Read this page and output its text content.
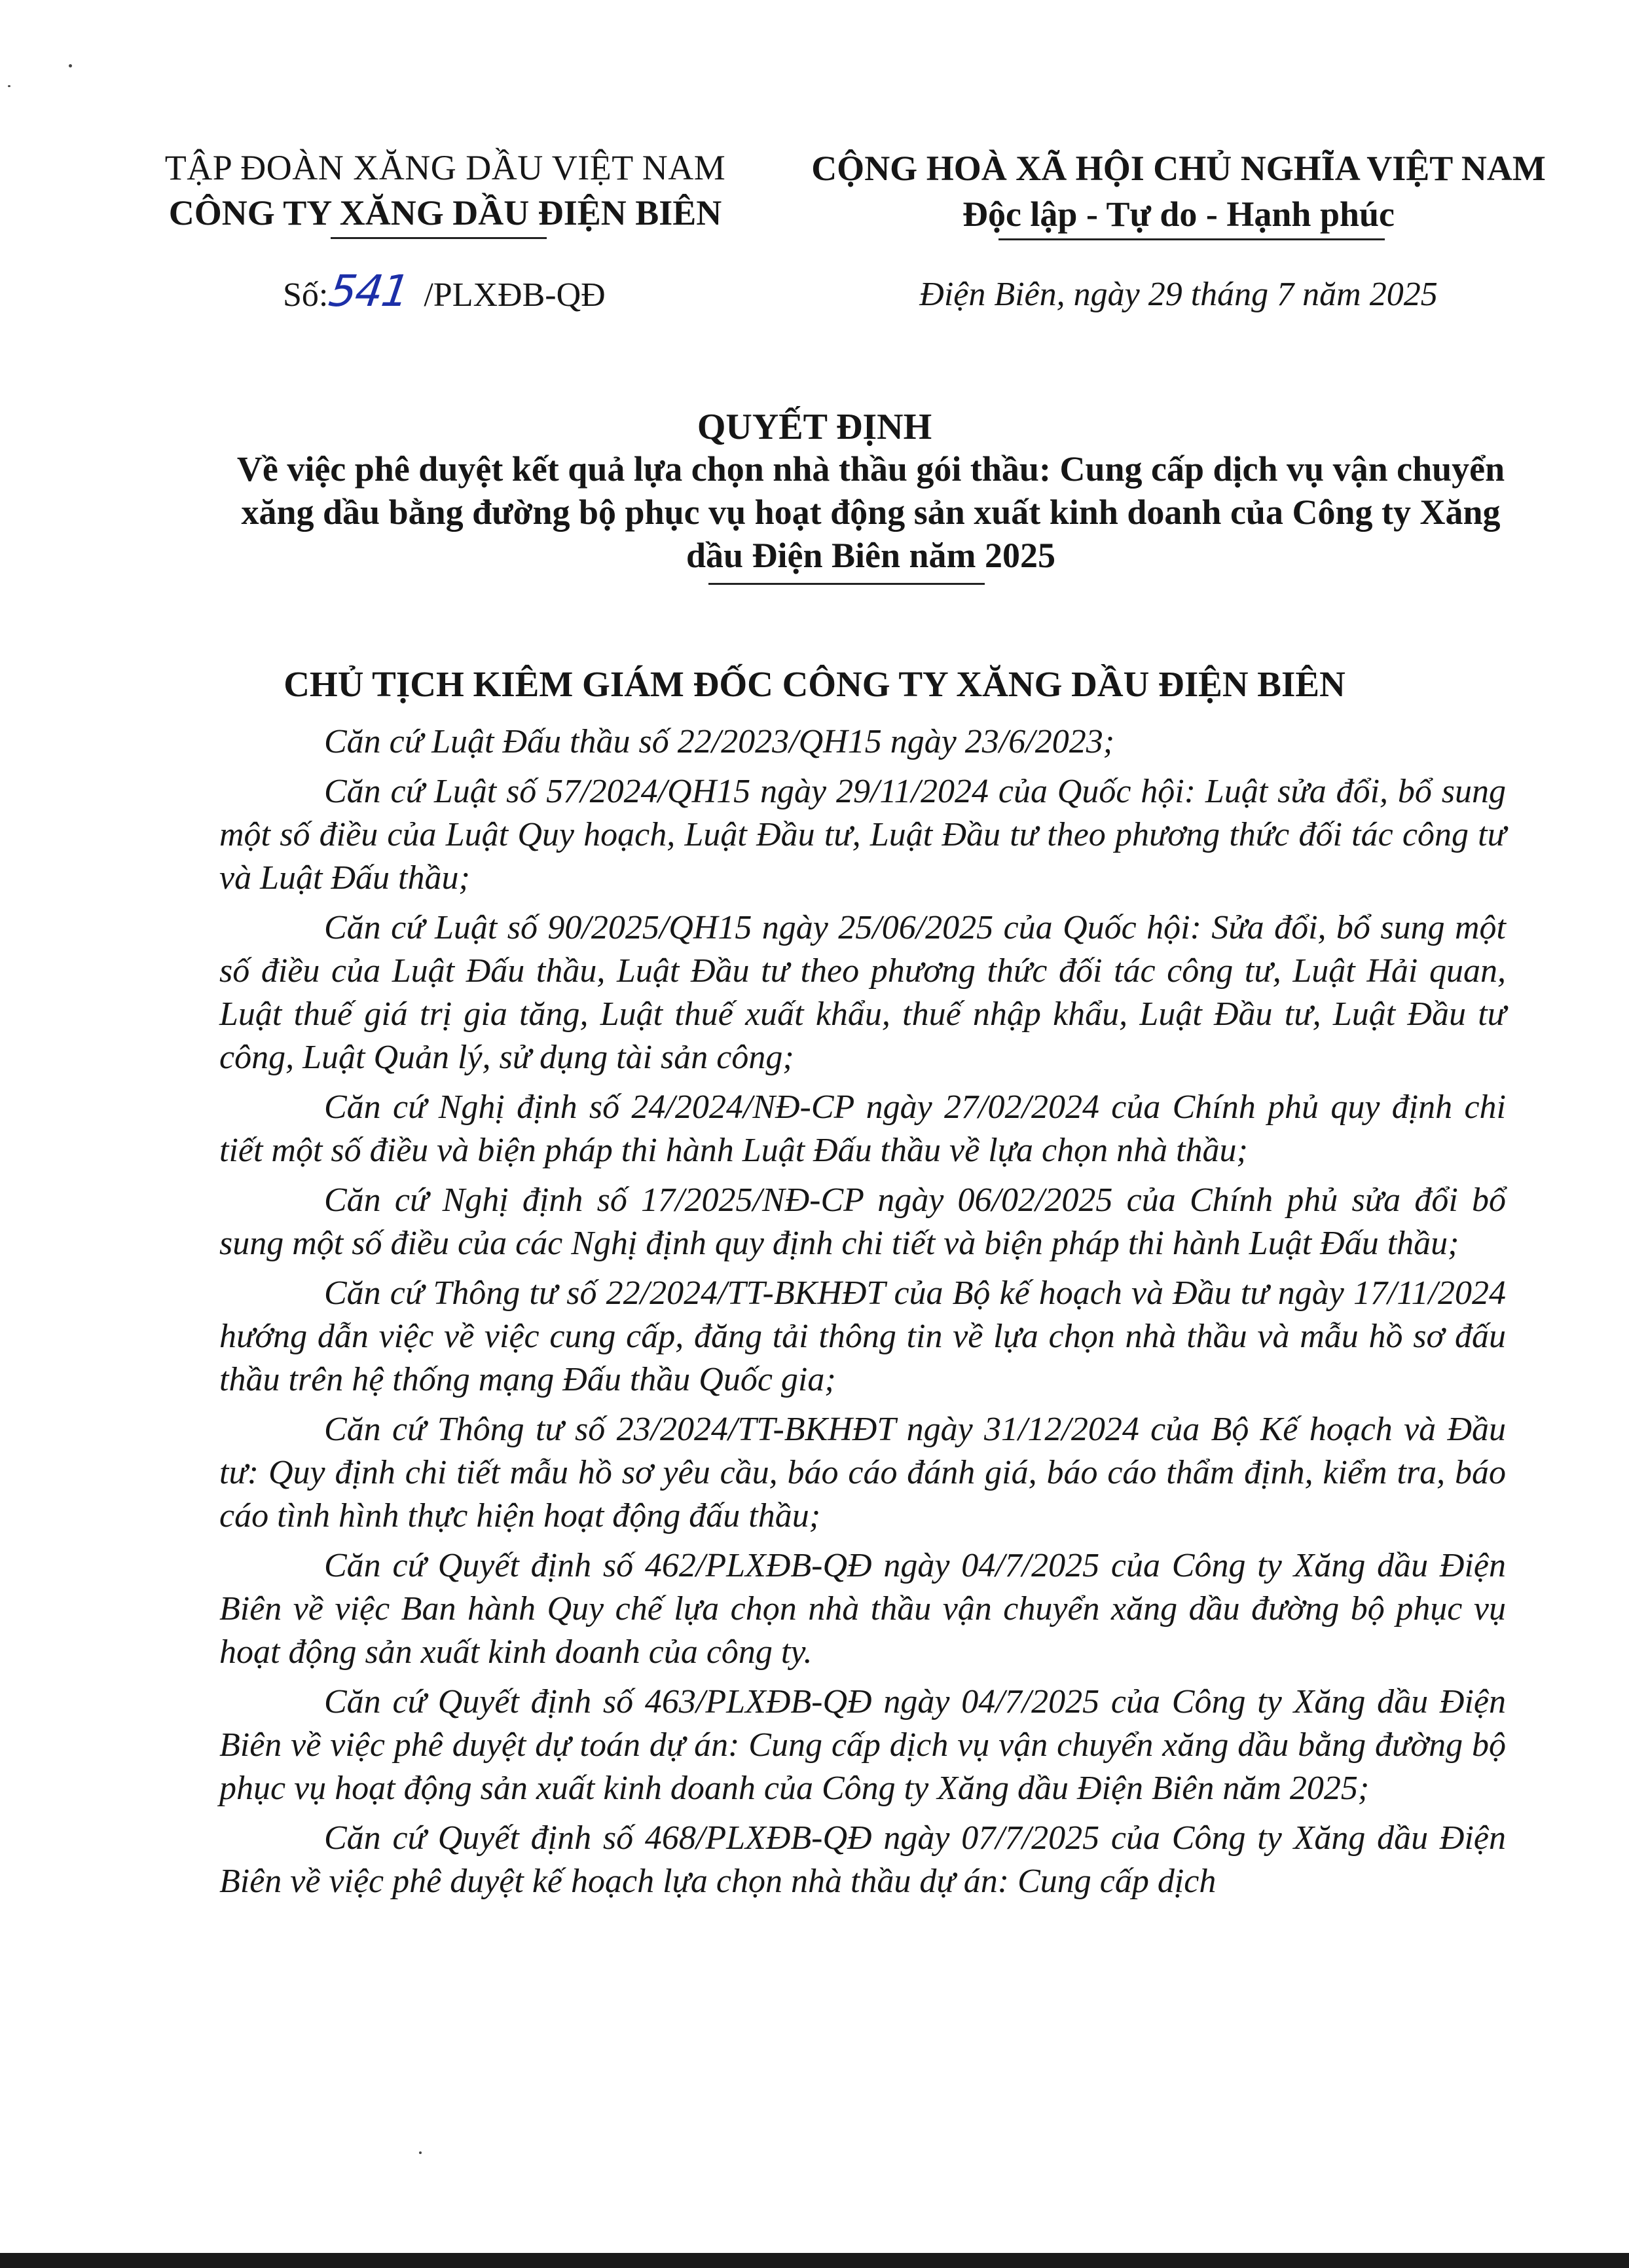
TẬP ĐOÀN XĂNG DẦU VIỆT NAM
CÔNG TY XĂNG DẦU ĐIỆN BIÊN
CỘNG HOÀ XÃ HỘI CHỦ NGHĨA VIỆT NAM
Độc lập - Tự do - Hạnh phúc
Số:541 /PLXĐB-QĐ	Điện Biên, ngày 29 tháng 7 năm 2025
QUYẾT ĐỊNH
Về việc phê duyệt kết quả lựa chọn nhà thầu gói thầu: Cung cấp dịch vụ vận chuyển xăng dầu bằng đường bộ phục vụ hoạt động sản xuất kinh doanh của Công ty Xăng dầu Điện Biên năm 2025
CHỦ TỊCH KIÊM GIÁM ĐỐC CÔNG TY XĂNG DẦU ĐIỆN BIÊN

Căn cứ Luật Đấu thầu số 22/2023/QH15 ngày 23/6/2023;

Căn cứ Luật số 57/2024/QH15 ngày 29/11/2024 của Quốc hội: Luật sửa đổi, bổ sung một số điều của Luật Quy hoạch, Luật Đầu tư, Luật Đầu tư theo phương thức đối tác công tư và Luật Đấu thầu;

Căn cứ Luật số 90/2025/QH15 ngày 25/06/2025 của Quốc hội: Sửa đổi, bổ sung một số điều của Luật Đấu thầu, Luật Đầu tư theo phương thức đối tác công tư, Luật Hải quan, Luật thuế giá trị gia tăng, Luật thuế xuất khẩu, thuế nhập khẩu, Luật Đầu tư, Luật Đầu tư công, Luật Quản lý, sử dụng tài sản công;

Căn cứ Nghị định số 24/2024/NĐ-CP ngày 27/02/2024 của Chính phủ quy định chi tiết một số điều và biện pháp thi hành Luật Đấu thầu về lựa chọn nhà thầu;

Căn cứ Nghị định số 17/2025/NĐ-CP ngày 06/02/2025 của Chính phủ sửa đổi bổ sung một số điều của các Nghị định quy định chi tiết và biện pháp thi hành Luật Đấu thầu;

Căn cứ Thông tư số 22/2024/TT-BKHĐT của Bộ kế hoạch và Đầu tư ngày 17/11/2024 hướng dẫn việc về việc cung cấp, đăng tải thông tin về lựa chọn nhà thầu và mẫu hồ sơ đấu thầu trên hệ thống mạng Đấu thầu Quốc gia;

Căn cứ Thông tư số 23/2024/TT-BKHĐT ngày 31/12/2024 của Bộ Kế hoạch và Đầu tư: Quy định chi tiết mẫu hồ sơ yêu cầu, báo cáo đánh giá, báo cáo thẩm định, kiểm tra, báo cáo tình hình thực hiện hoạt động đấu thầu;

Căn cứ Quyết định số 462/PLXĐB-QĐ ngày 04/7/2025 của Công ty Xăng dầu Điện Biên về việc Ban hành Quy chế lựa chọn nhà thầu vận chuyển xăng dầu đường bộ phục vụ hoạt động sản xuất kinh doanh của công ty.

Căn cứ Quyết định số 463/PLXĐB-QĐ ngày 04/7/2025 của Công ty Xăng dầu Điện Biên về việc phê duyệt dự toán dự án: Cung cấp dịch vụ vận chuyển xăng dầu bằng đường bộ phục vụ hoạt động sản xuất kinh doanh của Công ty Xăng dầu Điện Biên năm 2025;

Căn cứ Quyết định số 468/PLXĐB-QĐ ngày 07/7/2025 của Công ty Xăng dầu Điện Biên về việc phê duyệt kế hoạch lựa chọn nhà thầu dự án: Cung cấp dịch
